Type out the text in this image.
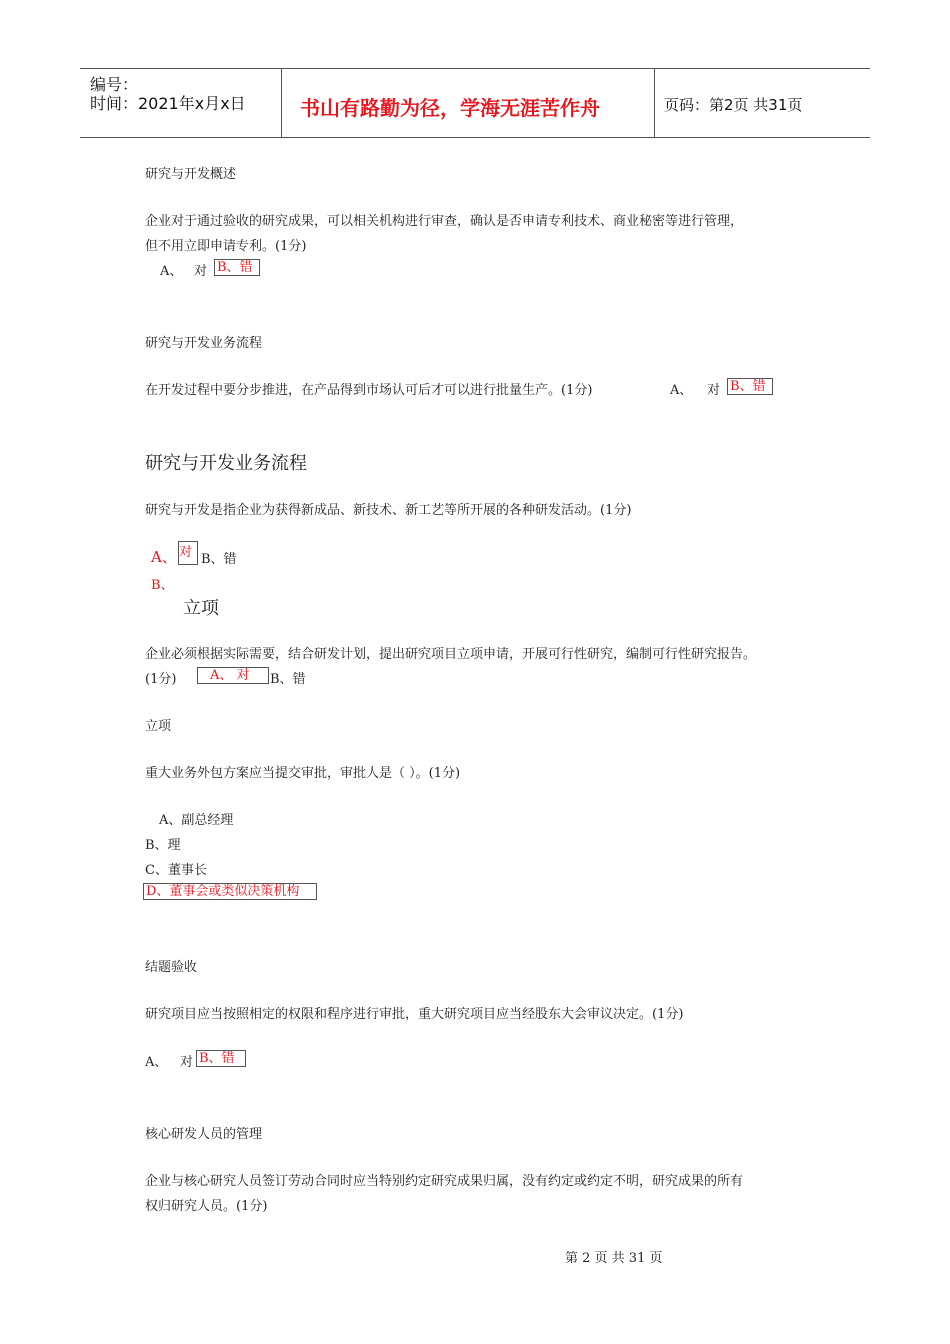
编号：
时间：2021年x月x日	书山有路勤为径，学海无涯苦作舟	页码：第2页 共31页
研究与开发概述
企业对于通过验收的研究成果，可以相关机构进行审查，确认是否申请专利技术、商业秘密等进行管理，
但不用立即申请专利。(1分)
A、 对 B、错
研究与开发业务流程
在开发过程中要分步推进，在产品得到市场认可后才可以进行批量生产。(1分)	A、 对 B、错
研究与开发业务流程
研究与开发是指企业为获得新成品、新技术、新工艺等所开展的各种研发活动。(1分)
A、 对 B、错
B、
立项
企业必须根据实际需要，结合研发计划，提出研究项目立项申请，开展可行性研究，编制可行性研究报告。
(1分)	A、 对	B、错
立项
重大业务外包方案应当提交审批，审批人是（ ）。(1分)
A、副总经理
B、理
C、董事长
D、董事会或类似决策机构
结题验收
研究项目应当按照相定的权限和程序进行审批，重大研究项目应当经股东大会审议决定。(1分)
A、 对 B、错
核心研发人员的管理
企业与核心研究人员签订劳动合同时应当特别约定研究成果归属，没有约定或约定不明，研究成果的所有
权归研究人员。(1分)
第 2 页 共 31 页
